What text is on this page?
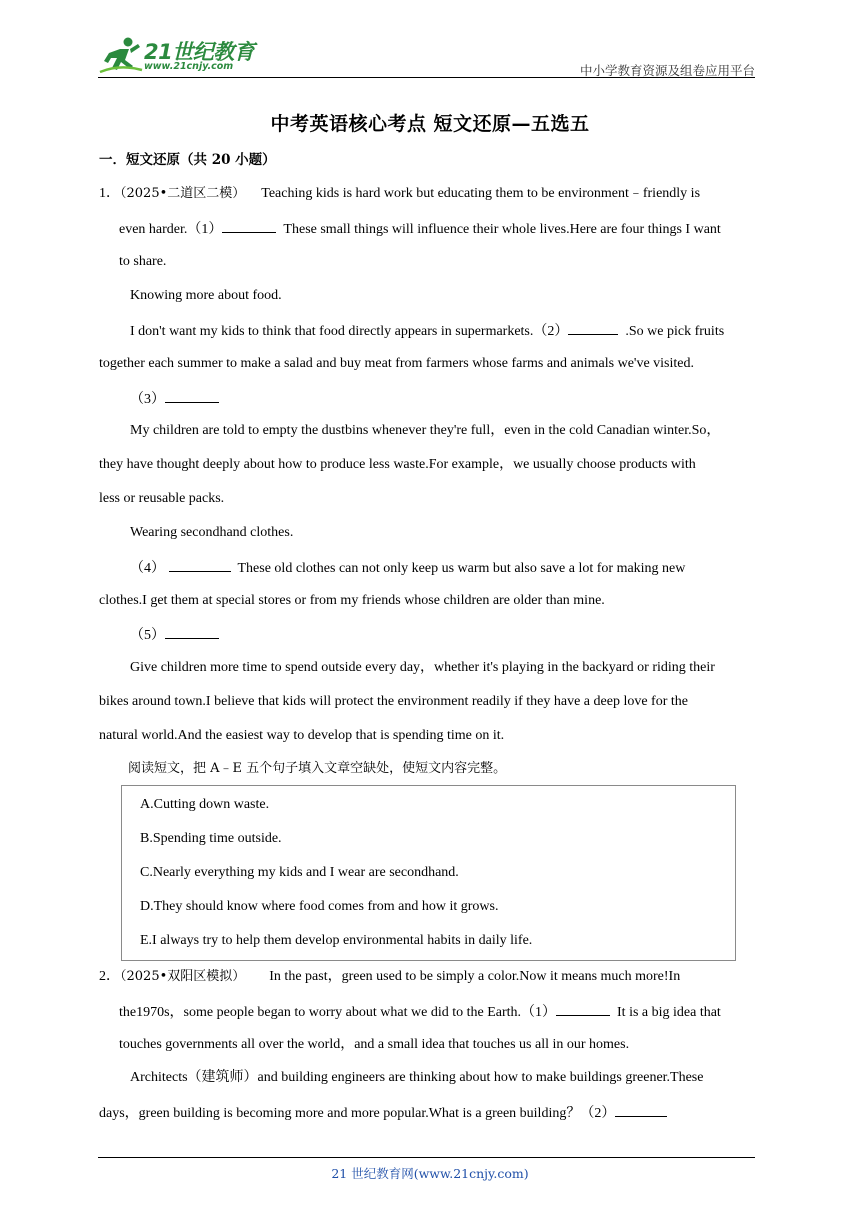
21世纪教育
www.21cnjy.com	中小学教育资源及组卷应用平台
中考英语核心考点 短文还原—五选五
一．短文还原（共 20 小题）
1．（2025•二道区二模） Teaching kids is hard work but educating them to be environment﹣friendly is
even harder.（1）	These small things will influence their whole lives.Here are four things I want
to share.
Knowing more about food.
I don't want my kids to think that food directly appears in supermarkets.（2）	.So we pick fruits
together each summer to make a salad and buy meat from farmers whose farms and animals we've visited.
（3）
My children are told to empty the dustbins whenever they're full，even in the cold Canadian winter.So，
they have thought deeply about how to produce less waste.For example，we usually choose products with
less or reusable packs.
Wearing secondhand clothes.
（4）	These old clothes can not only keep us warm but also save a lot for making new
clothes.I get them at special stores or from my friends whose children are older than mine.
（5）
Give children more time to spend outside every day，whether it's playing in the backyard or riding their
bikes around town.I believe that kids will protect the environment readily if they have a deep love for the
natural world.And the easiest way to develop that is spending time on it.
阅读短文，把 A﹣E 五个句子填入文章空缺处，使短文内容完整。
A.Cutting down waste.
B.Spending time outside.
C.Nearly everything my kids and I wear are secondhand.
D.They should know where food comes from and how it grows.
E.I always try to help them develop environmental habits in daily life.
2．（2025•双阳区模拟） In the past，green used to be simply a color.Now it means much more!In
the1970s，some people began to worry about what we did to the Earth.（1）	It is a big idea that
touches governments all over the world，and a small idea that touches us all in our homes.
Architects（建筑师）and building engineers are thinking about how to make buildings greener.These
days，green building is becoming more and more popular.What is a green building？（2）
21 世纪教育网(www.21cnjy.com)
